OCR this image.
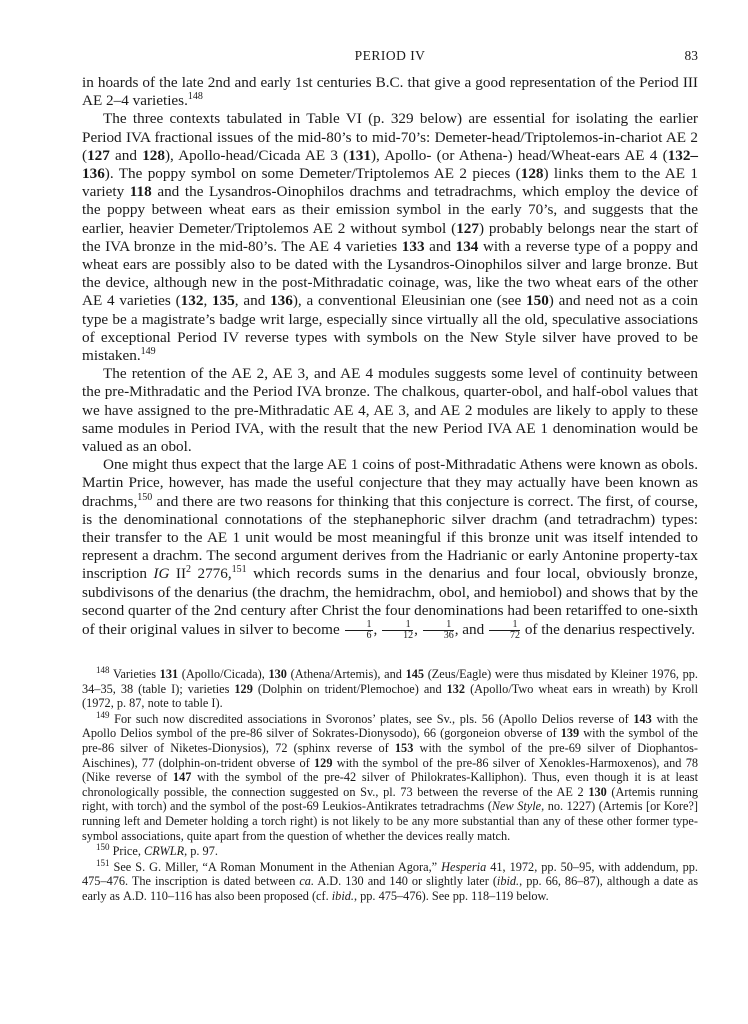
PERIOD IV	83

in hoards of the late 2nd and early 1st centuries B.C. that give a good representation of the Period III AE 2–4 varieties.$^{148}$

The three contexts tabulated in Table VI (p. 329 below) are essential for isolating the earlier Period IVA fractional issues of the mid-80’s to mid-70’s: Demeter-head/Triptolemos-in-chariot AE 2 (127 and 128), Apollo-head/Cicada AE 3 (131), Apollo- (or Athena-) head/Wheat-ears AE 4 (132–136). The poppy symbol on some Demeter/Triptolemos AE 2 pieces (128) links them to the AE 1 variety 118 and the Lysandros-Oinophilos drachms and tetradrachms, which employ the device of the poppy between wheat ears as their emission symbol in the early 70’s, and suggests that the earlier, heavier Demeter/Triptolemos AE 2 without symbol (127) probably belongs near the start of the IVA bronze in the mid-80’s. The AE 4 varieties 133 and 134 with a reverse type of a poppy and wheat ears are possibly also to be dated with the Lysandros-Oinophilos silver and large bronze. But the device, although new in the post-Mithradatic coinage, was, like the two wheat ears of the other AE 4 varieties (132, 135, and 136), a conventional Eleusinian one (see 150) and need not as a coin type be a magistrate’s badge writ large, especially since virtually all the old, speculative associations of exceptional Period IV reverse types with symbols on the New Style silver have proved to be mistaken.$^{149}$

The retention of the AE 2, AE 3, and AE 4 modules suggests some level of continuity between the pre-Mithradatic and the Period IVA bronze. The chalkous, quarter-obol, and half-obol values that we have assigned to the pre-Mithradatic AE 4, AE 3, and AE 2 modules are likely to apply to these same modules in Period IVA, with the result that the new Period IVA AE 1 denomination would be valued as an obol.

One might thus expect that the large AE 1 coins of post-Mithradatic Athens were known as obols. Martin Price, however, has made the useful conjecture that they may actually have been known as drachms,$^{150}$ and there are two reasons for thinking that this conjecture is correct. The first, of course, is the denominational connotations of the stephanephoric silver drachm (and tetradrachm) types: their transfer to the AE 1 unit would be most meaningful if this bronze unit was itself intended to represent a drachm. The second argument derives from the Hadrianic or early Antonine property-tax inscription IG $II^2$ 2776,$^{151}$ which records sums in the denarius and four local, obviously bronze, subdivisons of the denarius (the drachm, the hemidrachm, obol, and hemiobol) and shows that by the second quarter of the 2nd century after Christ the four denominations had been retariffed to one-sixth of their original values in silver to become $\frac{1}{6}$ , $\frac{1}{12}$ , $\frac{1}{36}$ , and $\frac{1}{72}$ of the denarius respectively.

$^{148}$ Varieties 131 (Apollo/Cicada), 130 (Athena/Artemis), and 145 (Zeus/Eagle) were thus misdated by Kleiner 1976, pp. 34–35, 38 (table I); varieties 129 (Dolphin on trident/Plemochoe) and 132 (Apollo/Two wheat ears in wreath) by Kroll (1972, p. 87, note to table I).

$^{149}$ For such now discredited associations in Svoronos’ plates, see Sv., pls. 56 (Apollo Delios reverse of 143 with the Apollo Delios symbol of the pre-86 silver of Sokrates-Dionysodo), 66 (gorgoneion obverse of 139 with the symbol of the pre-86 silver of Niketes-Dionysios), 72 (sphinx reverse of 153 with the symbol of the pre-69 silver of Diophantos-Aischines), 77 (dolphin-on-trident obverse of 129 with the symbol of the pre-86 silver of Xenokles-Harmoxenos), and 78 (Nike reverse of 147 with the symbol of the pre-42 silver of Philokrates-Kalliphon). Thus, even though it is at least chronologically possible, the connection suggested on Sv., pl. 73 between the reverse of the AE 2 130 (Artemis running right, with torch) and the symbol of the post-69 Leukios-Antikrates tetradrachms (New Style, no. 1227) (Artemis [or Kore?] running left and Demeter holding a torch right) is not likely to be any more substantial than any of these other former type-symbol associations, quite apart from the question of whether the devices really match.

$^{150}$ Price, CRWLR, p. 97.

$^{151}$ See S. G. Miller, “A Roman Monument in the Athenian Agora,” Hesperia 41, 1972, pp. 50–95, with addendum, pp. 475–476. The inscription is dated between ca. A.D. 130 and 140 or slightly later (ibid., pp. 66, 86–87), although a date as early as A.D. 110–116 has also been proposed (cf. ibid., pp. 475–476). See pp. 118–119 below.
